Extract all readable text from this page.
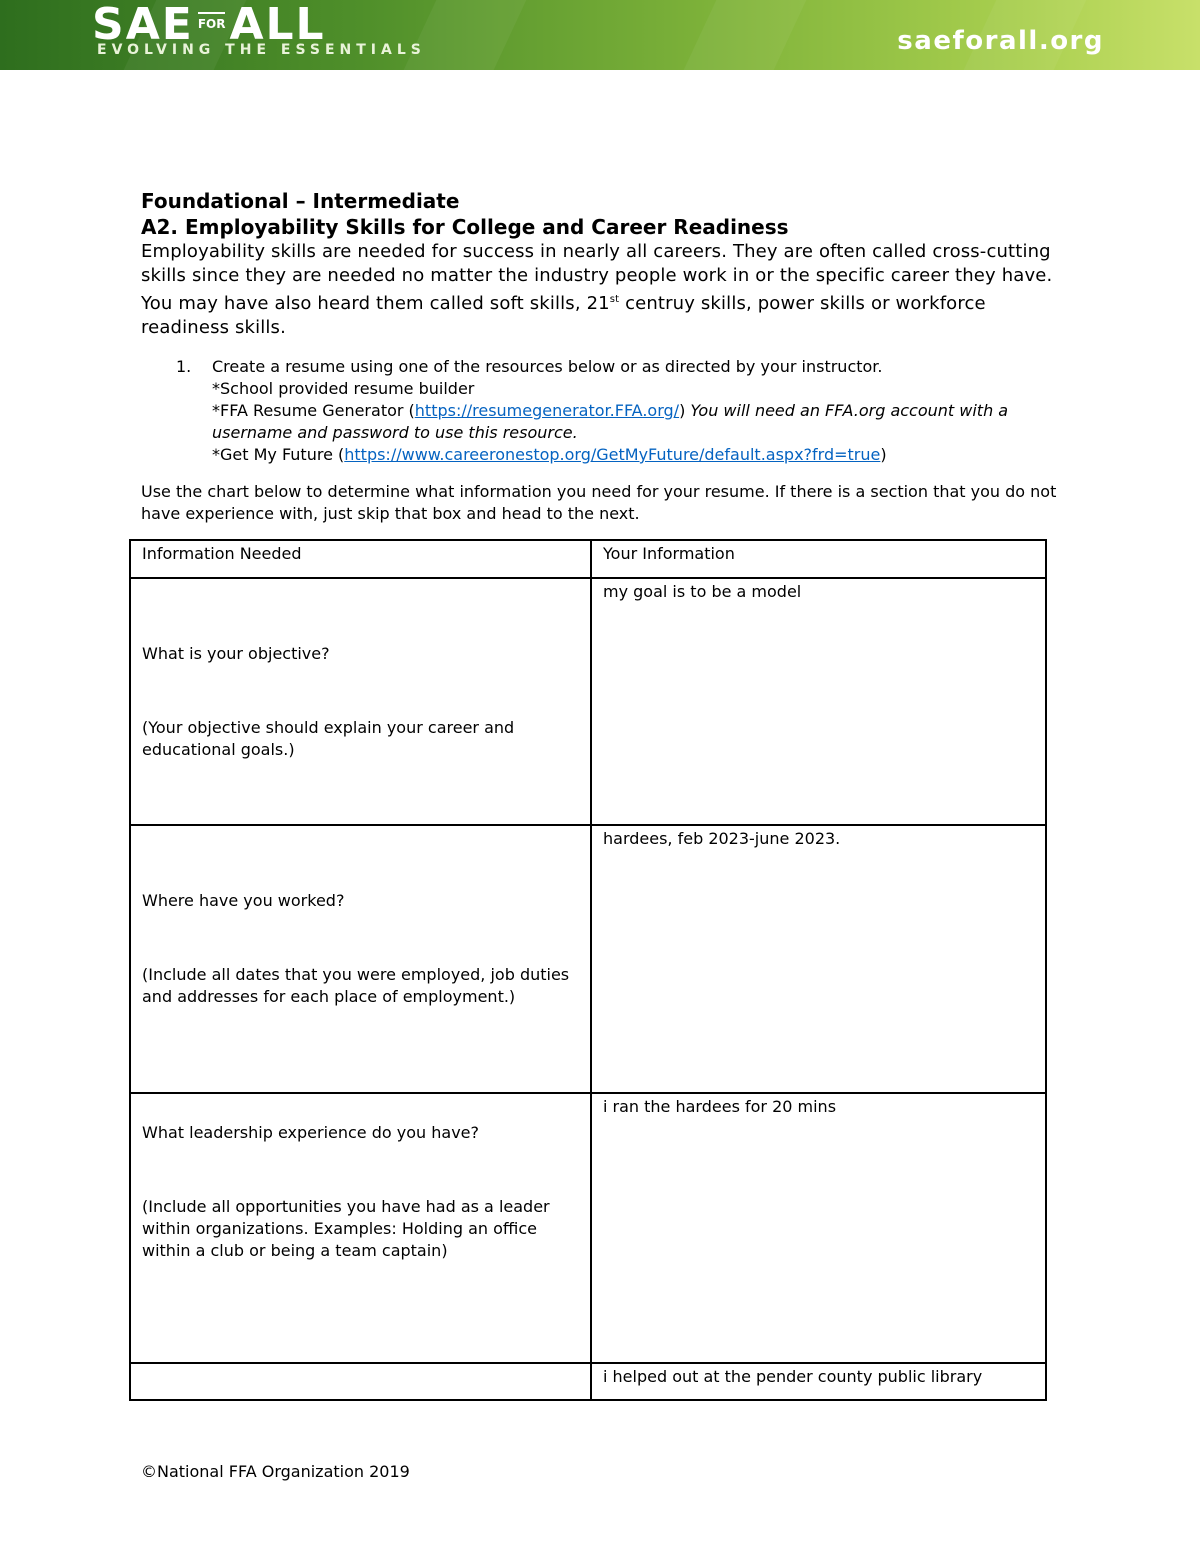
SAE FOR ALL
EVOLVING THE ESSENTIALS	saeforall.org
Foundational – Intermediate
A2. Employability Skills for College and Career Readiness
Employability skills are needed for success in nearly all careers. They are often called cross-cutting skills since they are needed no matter the industry people work in or the specific career they have. You may have also heard them called soft skills, 21st centruy skills, power skills or workforce readiness skills.
1. Create a resume using one of the resources below or as directed by your instructor.
*School provided resume builder
*FFA Resume Generator (https://resumegenerator.FFA.org/) You will need an FFA.org account with a username and password to use this resource.
*Get My Future (https://www.careeronestop.org/GetMyFuture/default.aspx?frd=true)
Use the chart below to determine what information you need for your resume. If there is a section that you do not have experience with, just skip that box and head to the next.
Information Needed	Your Information

What is your objective?
(Your objective should explain your career and educational goals.)	my goal is to be a model

Where have you worked?
(Include all dates that you were employed, job duties and addresses for each place of employment.)	hardees, feb 2023-june 2023.

What leadership experience do you have?
(Include all opportunities you have had as a leader within organizations. Examples: Holding an office within a club or being a team captain)	i ran the hardees for 20 mins
	i helped out at the pender county public library
©National FFA Organization 2019
